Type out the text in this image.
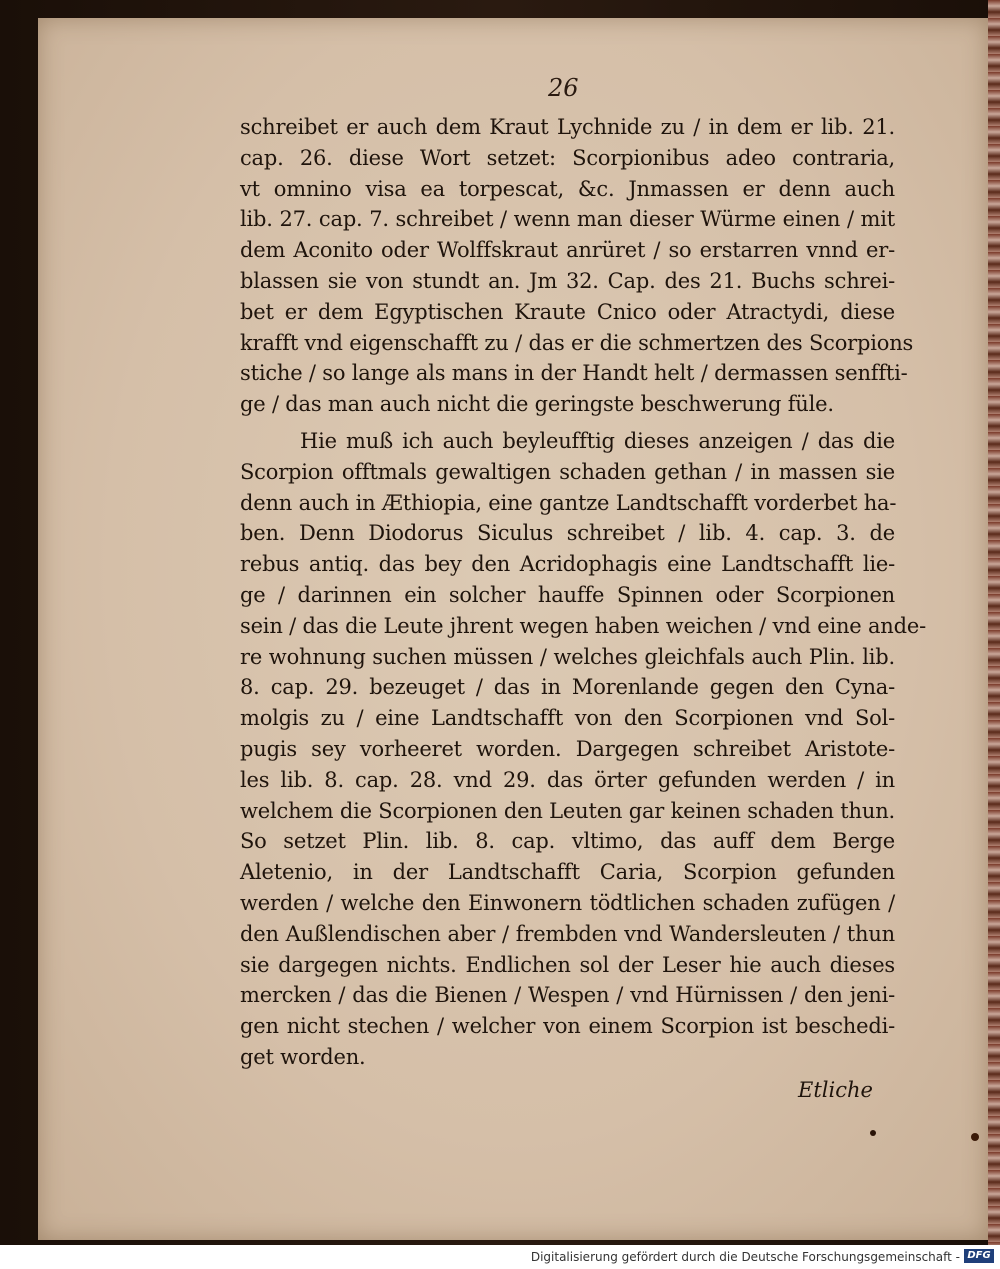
26
schreibet er auch dem Kraut Lychnide zu / in dem er lib. 21.
cap. 26. diese Wort setzet: Scorpionibus adeo contraria,
vt omnino visa ea torpescat, &c. Jnmassen er denn auch
lib. 27. cap. 7. schreibet / wenn man dieser Würme einen / mit
dem Aconito oder Wolffskraut anrüret / so erstarren vnnd er-
blassen sie von stundt an. Jm 32. Cap. des 21. Buchs schrei-
bet er dem Egyptischen Kraute Cnico oder Atractydi, diese
krafft vnd eigenschafft zu / das er die schmertzen des Scorpions
stiche / so lange als mans in der Handt helt / dermassen senffti-
ge / das man auch nicht die geringste beschwerung füle.
Hie muß ich auch beyleufftig dieses anzeigen / das die
Scorpion offtmals gewaltigen schaden gethan / in massen sie
denn auch in Æthiopia, eine gantze Landtschafft vorderbet ha-
ben. Denn Diodorus Siculus schreibet / lib. 4. cap. 3. de
rebus antiq. das bey den Acridophagis eine Landtschafft lie-
ge / darinnen ein solcher hauffe Spinnen oder Scorpionen
sein / das die Leute jhrent wegen haben weichen / vnd eine ande-
re wohnung suchen müssen / welches gleichfals auch Plin. lib.
8. cap. 29. bezeuget / das in Morenlande gegen den Cyna-
molgis zu / eine Landtschafft von den Scorpionen vnd Sol-
pugis sey vorheeret worden. Dargegen schreibet Aristote-
les lib. 8. cap. 28. vnd 29. das örter gefunden werden / in
welchem die Scorpionen den Leuten gar keinen schaden thun.
So setzet Plin. lib. 8. cap. vltimo, das auff dem Berge
Aletenio, in der Landtschafft Caria, Scorpion gefunden
werden / welche den Einwonern tödtlichen schaden zufügen /
den Außlendischen aber / frembden vnd Wandersleuten / thun
sie dargegen nichts. Endlichen sol der Leser hie auch dieses
mercken / das die Bienen / Wespen / vnd Hürnissen / den jeni-
gen nicht stechen / welcher von einem Scorpion ist beschedi-
get worden.
Etliche
Digitalisierung gefördert durch die Deutsche Forschungsgemeinschaft - DFG
